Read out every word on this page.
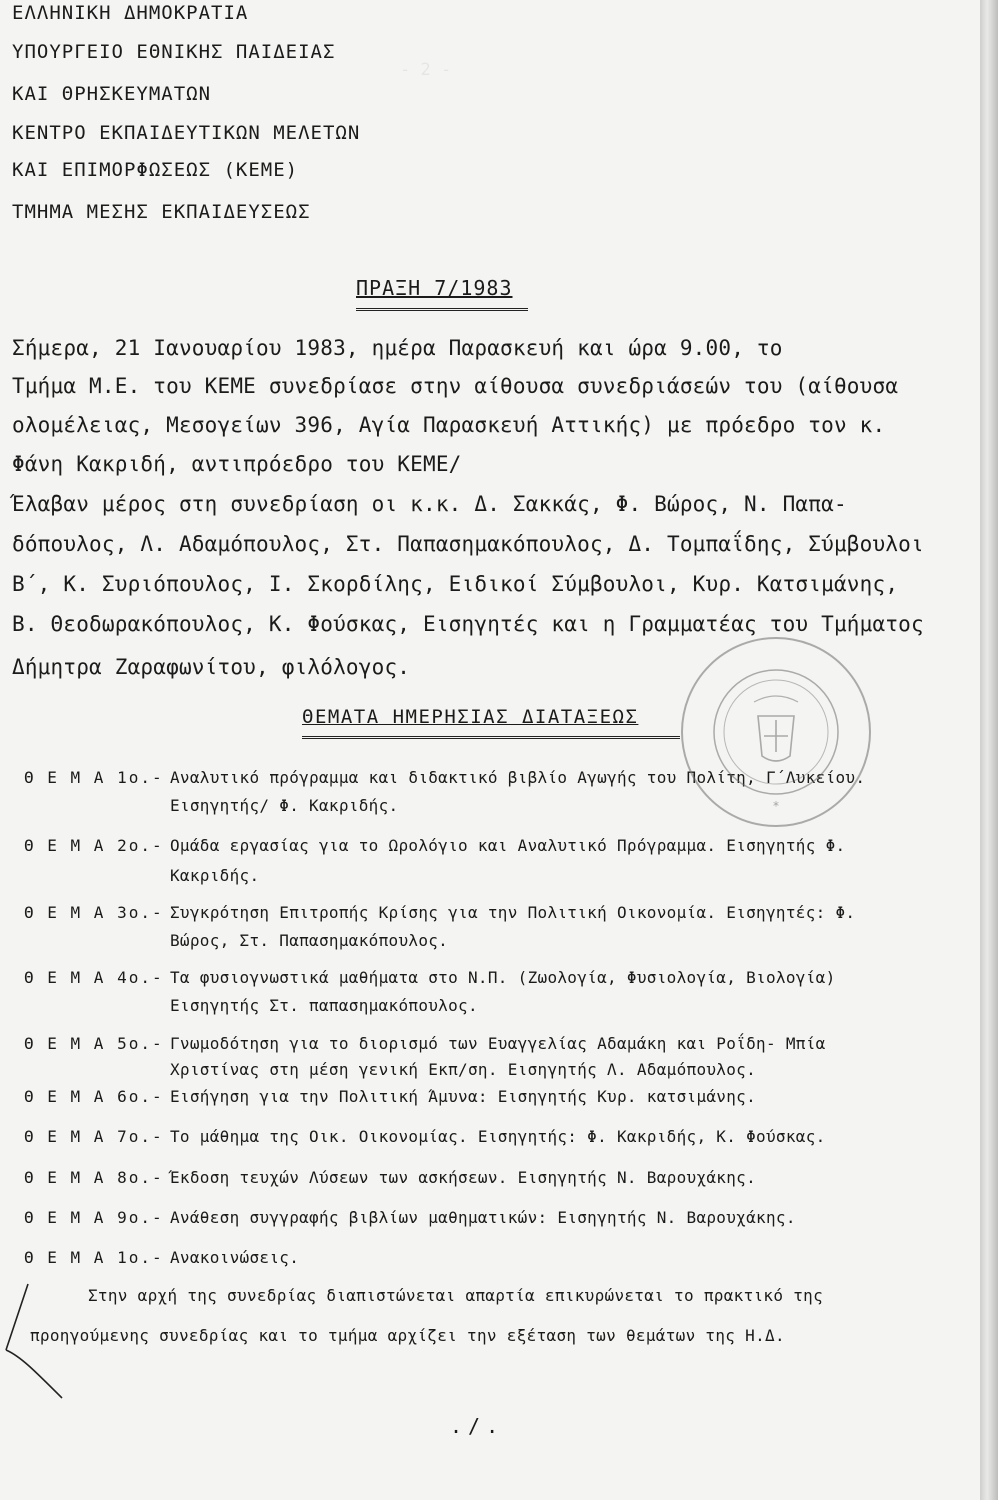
- 2 -
ΕΛΛΗΝΙΚΗ ΔΗΜΟΚΡΑΤΙΑ
ΥΠΟΥΡΓΕΙΟ ΕΘΝΙΚΗΣ ΠΑΙΔΕΙΑΣ
ΚΑΙ ΘΡΗΣΚΕΥΜΑΤΩΝ
ΚΕΝΤΡΟ ΕΚΠΑΙΔΕΥΤΙΚΩΝ ΜΕΛΕΤΩΝ
ΚΑΙ ΕΠΙΜΟΡΦΩΣΕΩΣ (ΚΕΜΕ)
ΤΜΗΜΑ ΜΕΣΗΣ ΕΚΠΑΙΔΕΥΣΕΩΣ
ΠΡΑΞΗ 7/1983
Σήμερα, 21 Ιανουαρίου 1983, ημέρα Παρασκευή και ώρα 9.00, το
Τμήμα Μ.Ε. του ΚΕΜΕ συνεδρίασε στην αίθουσα συνεδριάσεών του (αίθουσα
ολομέλειας, Μεσογείων 396, Αγία Παρασκευή Αττικής) με πρόεδρο τον κ.
Φάνη Κακριδή, αντιπρόεδρο του ΚΕΜΕ/
Έλαβαν μέρος στη συνεδρίαση οι κ.κ. Δ. Σακκάς, Φ. Βώρος, Ν. Παπα-
δόπουλος, Λ. Αδαμόπουλος, Στ. Παπασημακόπουλος, Δ. Τομπαΐδης, Σύμβουλοι
Β΄, Κ. Συριόπουλος, Ι. Σκορδίλης, Ειδικοί Σύμβουλοι, Κυρ. Κατσιμάνης,
Β. Θεοδωρακόπουλος, Κ. Φούσκας, Εισηγητές και η Γραμματέας του Τμήματος
Δήμητρα Ζαραφωνίτου, φιλόλογος.
ΘΕΜΑΤΑ ΗΜΕΡΗΣΙΑΣ ΔΙΑΤΑΞΕΩΣ
Θ Ε Μ Α 1ο.- Αναλυτικό πρόγραμμα και διδακτικό βιβλίο Αγωγής του Πολίτη, Γ΄Λυκείου.
Εισηγητής/ Φ. Κακριδής.
Θ Ε Μ Α 2ο.- Ομάδα εργασίας για το Ωρολόγιο και Αναλυτικό Πρόγραμμα. Εισηγητής Φ.
Κακριδής.
Θ Ε Μ Α 3ο.- Συγκρότηση Επιτροπής Κρίσης για την Πολιτική Οικονομία. Εισηγητές: Φ.
Βώρος, Στ. Παπασημακόπουλος.
Θ Ε Μ Α 4ο.- Τα φυσιογνωστικά μαθήματα στο Ν.Π. (Ζωολογία, Φυσιολογία, Βιολογία)
Εισηγητής Στ. παπασημακόπουλος.
Θ Ε Μ Α 5ο.- Γνωμοδότηση για το διορισμό των Ευαγγελίας Αδαμάκη και Ροΐδη- Μπία
Χριστίνας στη μέση γενική Εκπ/ση. Εισηγητής Λ. Αδαμόπουλος.
Θ Ε Μ Α 6ο.- Εισήγηση για την Πολιτική Άμυνα: Εισηγητής Κυρ. κατσιμάνης.
Θ Ε Μ Α 7ο.- Το μάθημα της Οικ. Οικονομίας. Εισηγητής: Φ. Κακριδής, Κ. Φούσκας.
Θ Ε Μ Α 8ο.- Έκδοση τευχών Λύσεων των ασκήσεων. Εισηγητής Ν. Βαρουχάκης.
Θ Ε Μ Α 9ο.- Ανάθεση συγγραφής βιβλίων μαθηματικών: Εισηγητής Ν. Βαρουχάκης.
Θ Ε Μ Α 1ο.- Ανακοινώσεις.
Στην αρχή της συνεδρίας διαπιστώνεται απαρτία επικυρώνεται το πρακτικό της
προηγούμενης συνεδρίας και το τμήμα αρχίζει την εξέταση των θεμάτων της Η.Δ.
./.
*
